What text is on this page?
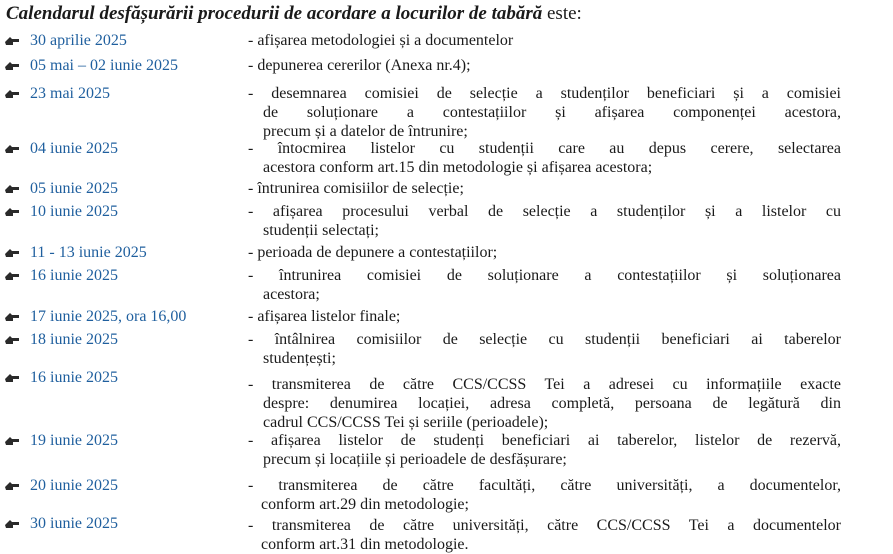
Calendarul desfășurării procedurii de acordare a locurilor de tabără este:
30 aprilie 2025	- afișarea metodologiei și a documentelor
05 mai – 02 iunie 2025	- depunerea cererilor (Anexa nr.4);
23 mai 2025	- desemnarea comisiei de selecție a studenților beneficiari și a comisiei
de soluționare a contestațiilor și afișarea componenței acestora,
precum și a datelor de întrunire;
04 iunie 2025	- întocmirea listelor cu studenții care au depus cerere, selectarea
acestora conform art.15 din metodologie și afișarea acestora;
05 iunie 2025	- întrunirea comisiilor de selecție;
10 iunie 2025	- afișarea procesului verbal de selecție a studenților și a listelor cu
studenții selectați;
11 - 13 iunie 2025	- perioada de depunere a contestațiilor;
16 iunie 2025	- întrunirea comisiei de soluționare a contestațiilor și soluționarea
acestora;
17 iunie 2025, ora 16,00	- afișarea listelor finale;
18 iunie 2025	- întâlnirea comisiilor de selecție cu studenții beneficiari ai taberelor
studențești;
16 iunie 2025	- transmiterea de către CCS/CCSS Tei a adresei cu informațiile exacte
despre: denumirea locației, adresa completă, persoana de legătură din
cadrul CCS/CCSS Tei și seriile (perioadele);
19 iunie 2025	- afișarea listelor de studenți beneficiari ai taberelor, listelor de rezervă,
precum și locațiile și perioadele de desfășurare;
20 iunie 2025	- transmiterea de către facultăți, către universități, a documentelor,
conform art.29 din metodologie;
30 iunie 2025	- transmiterea de către universități, către CCS/CCSS Tei a documentelor
conform art.31 din metodologie.
